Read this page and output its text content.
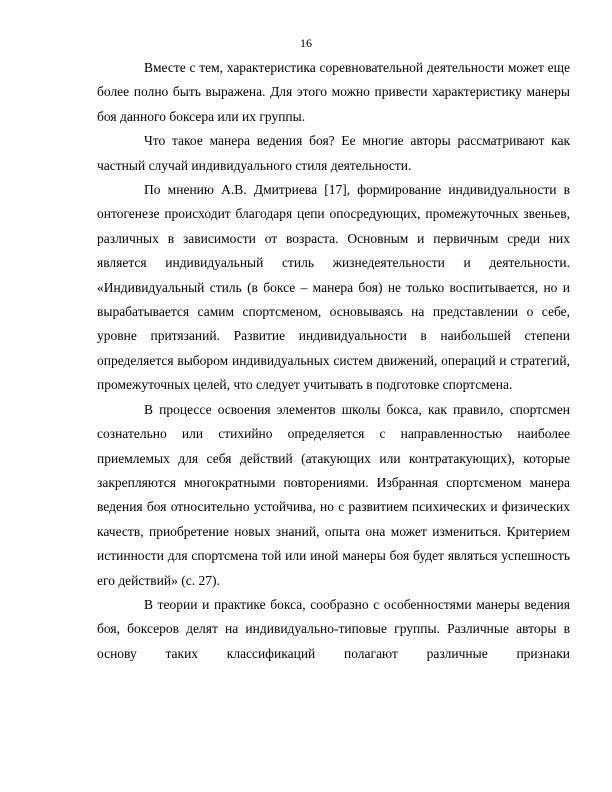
16

Вместе с тем, характеристика соревновательной деятельности может еще более полно быть выражена. Для этого можно привести характеристику манеры боя данного боксера или их группы.

Что такое манера ведения боя? Ее многие авторы рассматривают как частный случай индивидуального стиля деятельности.

По мнению А.В. Дмитриева [17], формирование индивидуальности в онтогенезе происходит благодаря цепи опосредующих, промежуточных звеньев, различных в зависимости от возраста. Основным и первичным среди них является индивидуальный стиль жизнедеятельности и деятельности. «Индивидуальный стиль (в боксе – манера боя) не только воспитывается, но и вырабатывается самим спортсменом, основываясь на представлении о себе, уровне притязаний. Развитие индивидуальности в наибольшей степени определяется выбором индивидуальных систем движений, операций и стратегий, промежуточных целей, что следует учитывать в подготовке спортсмена.

В процессе освоения элементов школы бокса, как правило, спортсмен сознательно или стихийно определяется с направленностью наиболее приемлемых для себя действий (атакующих или контратакующих), которые закрепляются многократными повторениями. Избранная спортсменом манера ведения боя относительно устойчива, но с развитием психических и физических качеств, приобретение новых знаний, опыта она может измениться. Критерием истинности для спортсмена той или иной манеры боя будет являться успешность его действий» (с. 27).

В теории и практике бокса, сообразно с особенностями манеры ведения боя, боксеров делят на индивидуально-типовые группы. Различные авторы в основу таких классификаций полагают различные признаки
